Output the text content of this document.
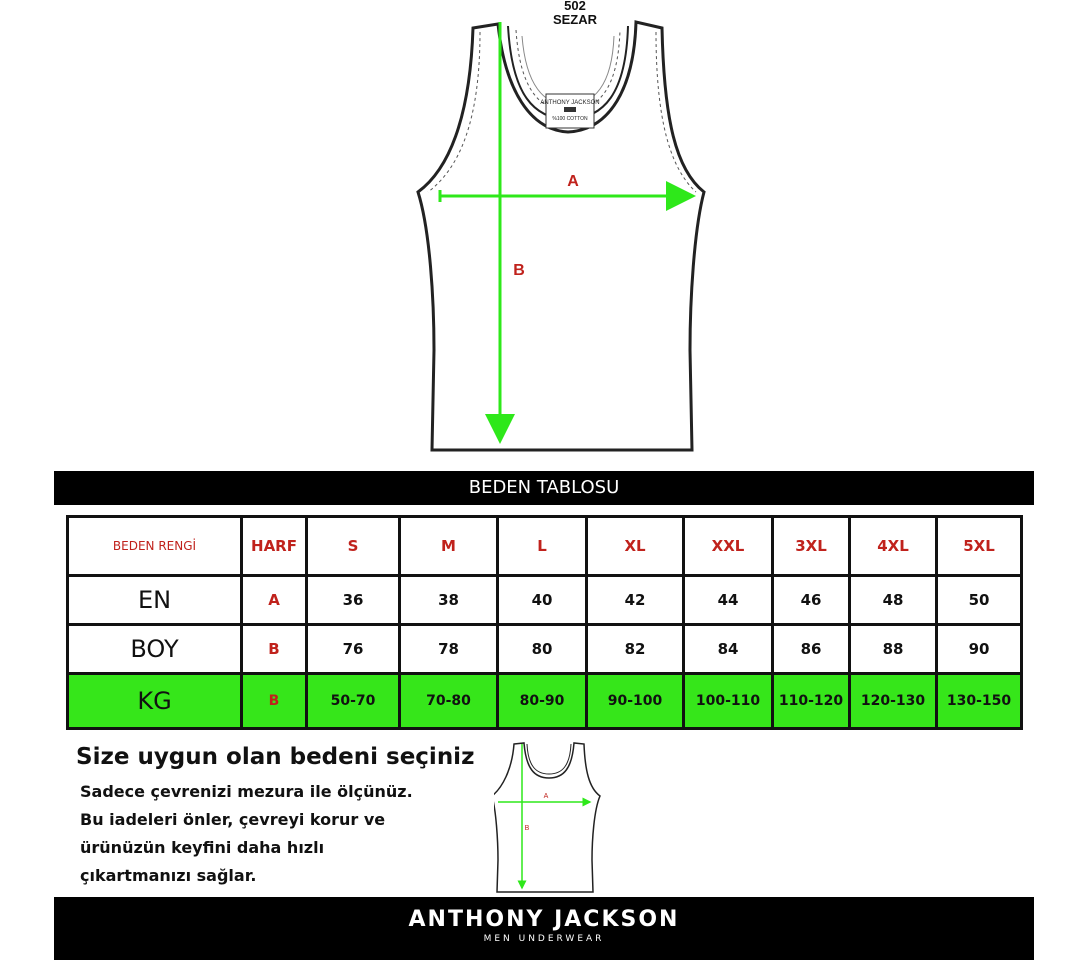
502
SEZAR
ANTHONY JACKSON
%100 COTTON
A
B
BEDEN TABLOSU
BEDEN RENGİ	HARF	S	M	L	XL	XXL	3XL	4XL	5XL
EN	A	36	38	40	42	44	46	48	50
BOY	B	76	78	80	82	84	86	88	90
KG	B	50-70	70-80	80-90	90-100	100-110	110-120	120-130	130-150
Size uygun olan bedeni seçiniz
Sadece çevrenizi mezura ile ölçünüz.
Bu iadeleri önler, çevreyi korur ve
ürünüzün keyfini daha hızlı
çıkartmanızı sağlar.
A
B
ANTHONY JACKSON
MEN UNDERWEAR
